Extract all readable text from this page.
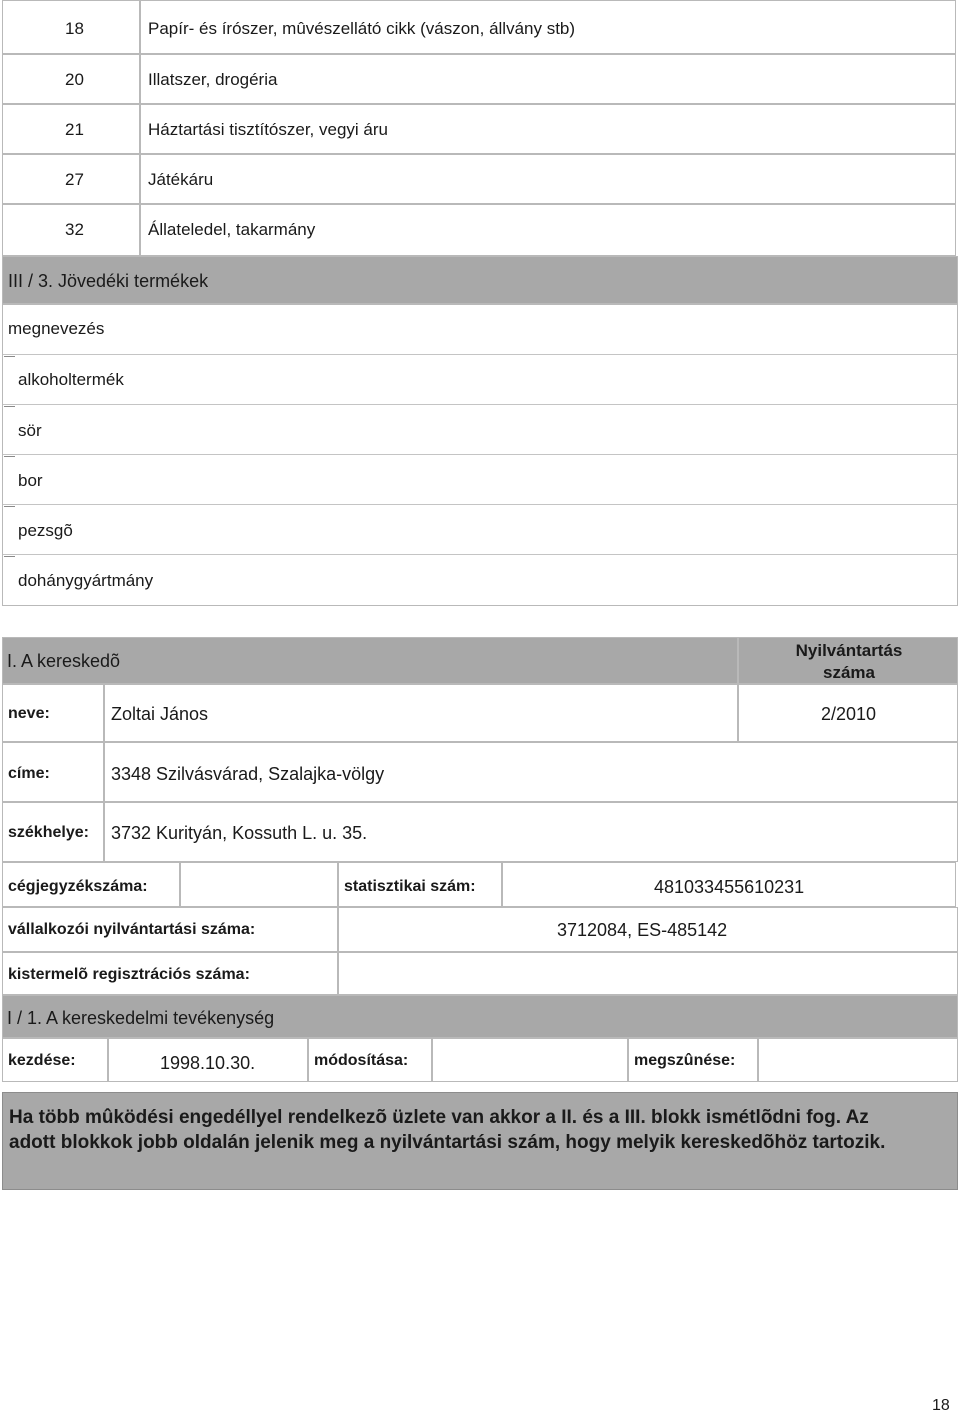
18	Papír- és írószer, mûvészellátó cikk (vászon, állvány stb)
20	Illatszer, drogéria
21	Háztartási tisztítószer, vegyi áru
27	Játékáru
32	Állateledel, takarmány
III / 3. Jövedéki termékek
megnevezés
alkoholtermék
sör
bor
pezsgõ
dohánygyártmány
I. A kereskedõ
Nyilvántartás száma
neve:	Zoltai János	2/2010
címe:	3348 Szilvásvárad, Szalajka-völgy
székhelye: 3732 Kurityán, Kossuth L. u. 35.
cégjegyzékszáma:	statisztikai szám:	481033455610231
vállalkozói nyilvántartási száma:	3712084, ES-485142
kistermelõ regisztrációs száma:
I / 1. A kereskedelmi tevékenység
kezdése:	1998.10.30.	módosítása:	megszûnése:
Ha több mûködési engedéllyel rendelkezõ üzlete van akkor a II. és a III. blokk ismétlõdni fog. Az adott blokkok jobb oldalán jelenik meg a nyilvántartási szám, hogy melyik kereskedõhöz tartozik.
18
